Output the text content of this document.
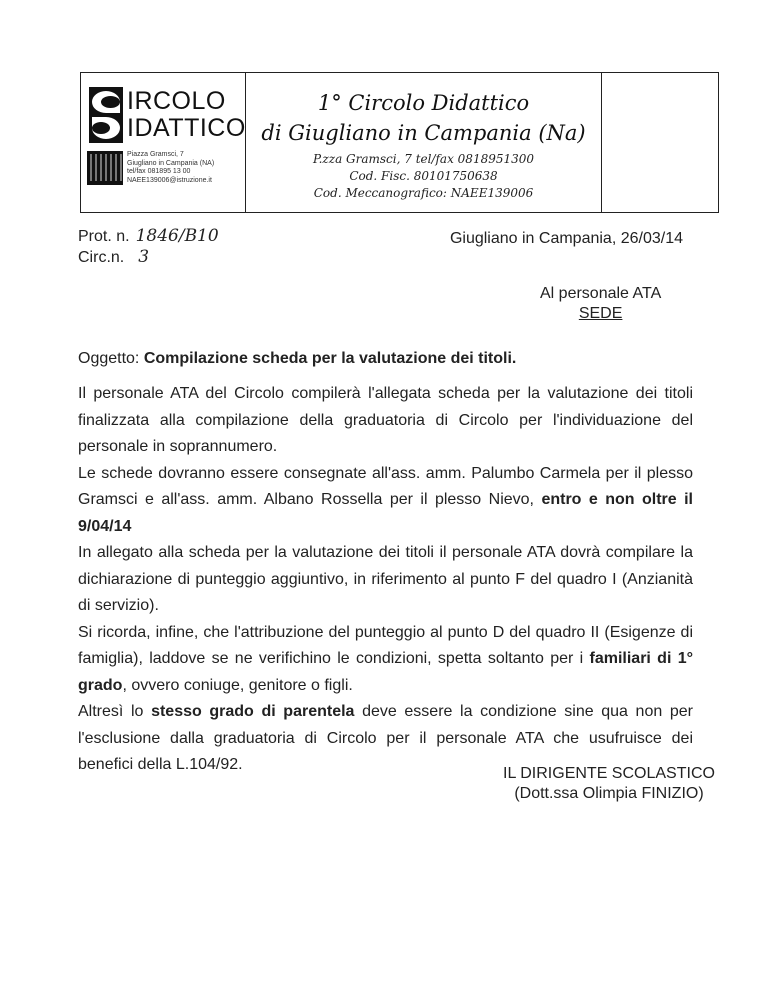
IRCOLO
IDATTICO
Piazza Gramsci, 7
Giugliano in Campania (NA)
tel/fax 081895 13 00
NAEE139006@istruzione.it
1° Circolo Didattico
di Giugliano in Campania (Na)
P.zza Gramsci, 7 tel/fax 0818951300
Cod. Fisc. 80101750638
Cod. Meccanografico: NAEE139006
Prot. n. 1846/B10
Circ.n. 3
Giugliano in Campania, 26/03/14
Al personale ATA
SEDE
Oggetto: Compilazione scheda per la valutazione dei titoli.

Il personale ATA del Circolo compilerà l'allegata scheda per la valutazione dei titoli finalizzata alla compilazione della graduatoria di Circolo per l'individuazione del personale in soprannumero.

Le schede dovranno essere consegnate all'ass. amm. Palumbo Carmela per il plesso Gramsci e all'ass. amm. Albano Rossella per il plesso Nievo, entro e non oltre il 9/04/14

In allegato alla scheda per la valutazione dei titoli il personale ATA dovrà compilare la dichiarazione di punteggio aggiuntivo, in riferimento al punto F del quadro I (Anzianità di servizio).

Si ricorda, infine, che l'attribuzione del punteggio al punto D del quadro II (Esigenze di famiglia), laddove se ne verifichino le condizioni, spetta soltanto per i familiari di 1° grado, ovvero coniuge, genitore o figli.

Altresì lo stesso grado di parentela deve essere la condizione sine qua non per l'esclusione dalla graduatoria di Circolo per il personale ATA che usufruisce dei benefici della L.104/92.

IL DIRIGENTE SCOLASTICO
(Dott.ssa Olimpia FINIZIO)
